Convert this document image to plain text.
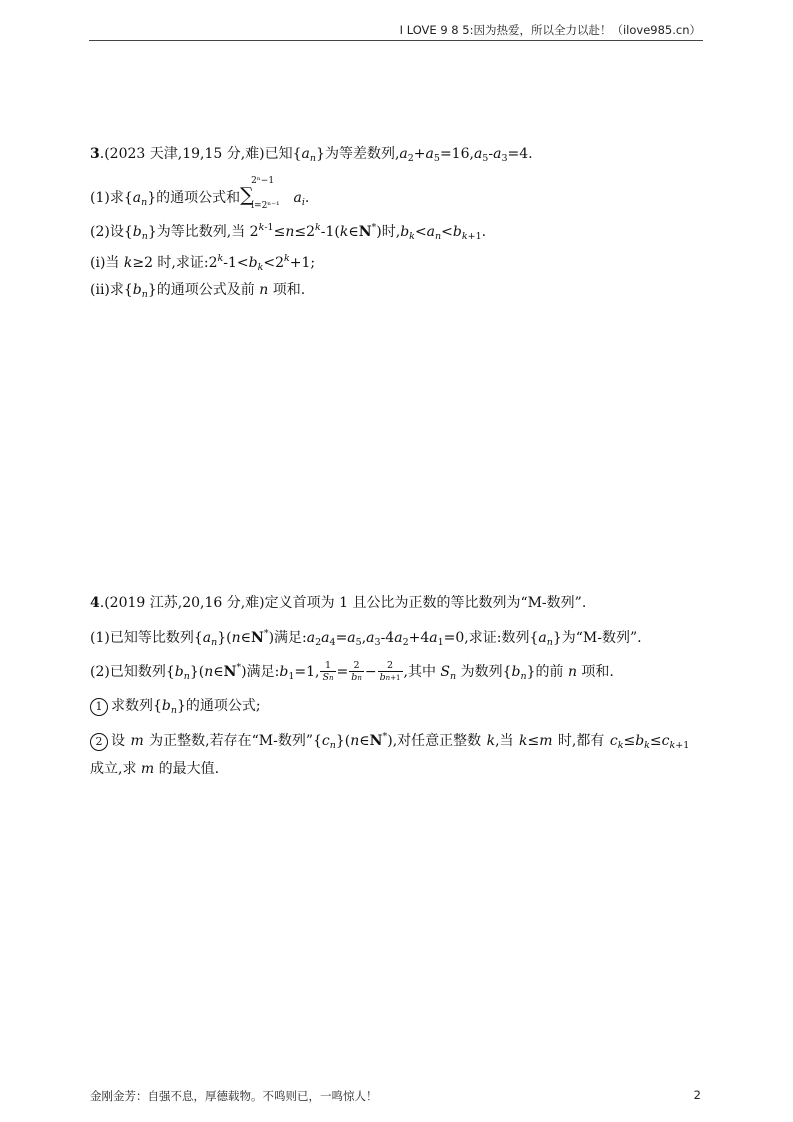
I LOVE 9 8 5:因为热爱，所以全力以赴！（ilove985.cn）
3.(2023 天津,19,15 分,难)已知$\{a_n\}$为等差数列$,a_2+a_5=16,a_5-a_3=4$.
(1)求$\{a_n\}$的通项公式和 ∑
2ⁿ−1
i=2ⁿ⁻¹ $a_i$.
(2)设$\{b_n\}$为等比数列,当 $2^{k-1}\le n\le 2^k-1(k\in N^*)$时$,b_k<a_n<b_{k+1}$.
(i)当 k≥2 时,求证$:2^k-1<b_k<2^k+1$;
(ii)求$\{b_n\}$的通项公式及前 n 项和.
4.(2019 江苏,20,16 分,难)定义首项为 1 且公比为正数的等比数列为“M-数列”.
(1)已知等比数列$\{a_n\}(n\in N^*)$满足$:a_2a_4=a_5,a_3-4a_2+4a_1=0$,求证:数列$\{a_n\}$为“M-数列”.
(2)已知数列$\{b_n\}(n\in N^*)$满足$:b_1=1$, $\frac{1}{Sn} = \frac{2}{bn} - \frac{2}{bn+1}$ ,其中 $S_n$ 为数列$\{b_n\}$的前 n 项和.
1 求数列$\{b_n\}$的通项公式;
2 设 m 为正整数,若存在“M-数列$”\{c_n\}(n\in N^*)$,对任意正整数 k,当 k≤m 时,都有 $c_k\le b_k\le c_{k+1}$
成立,求 m 的最大值.
金刚金芳：自强不息，厚德载物。不鸣则已，一鸣惊人！	2
